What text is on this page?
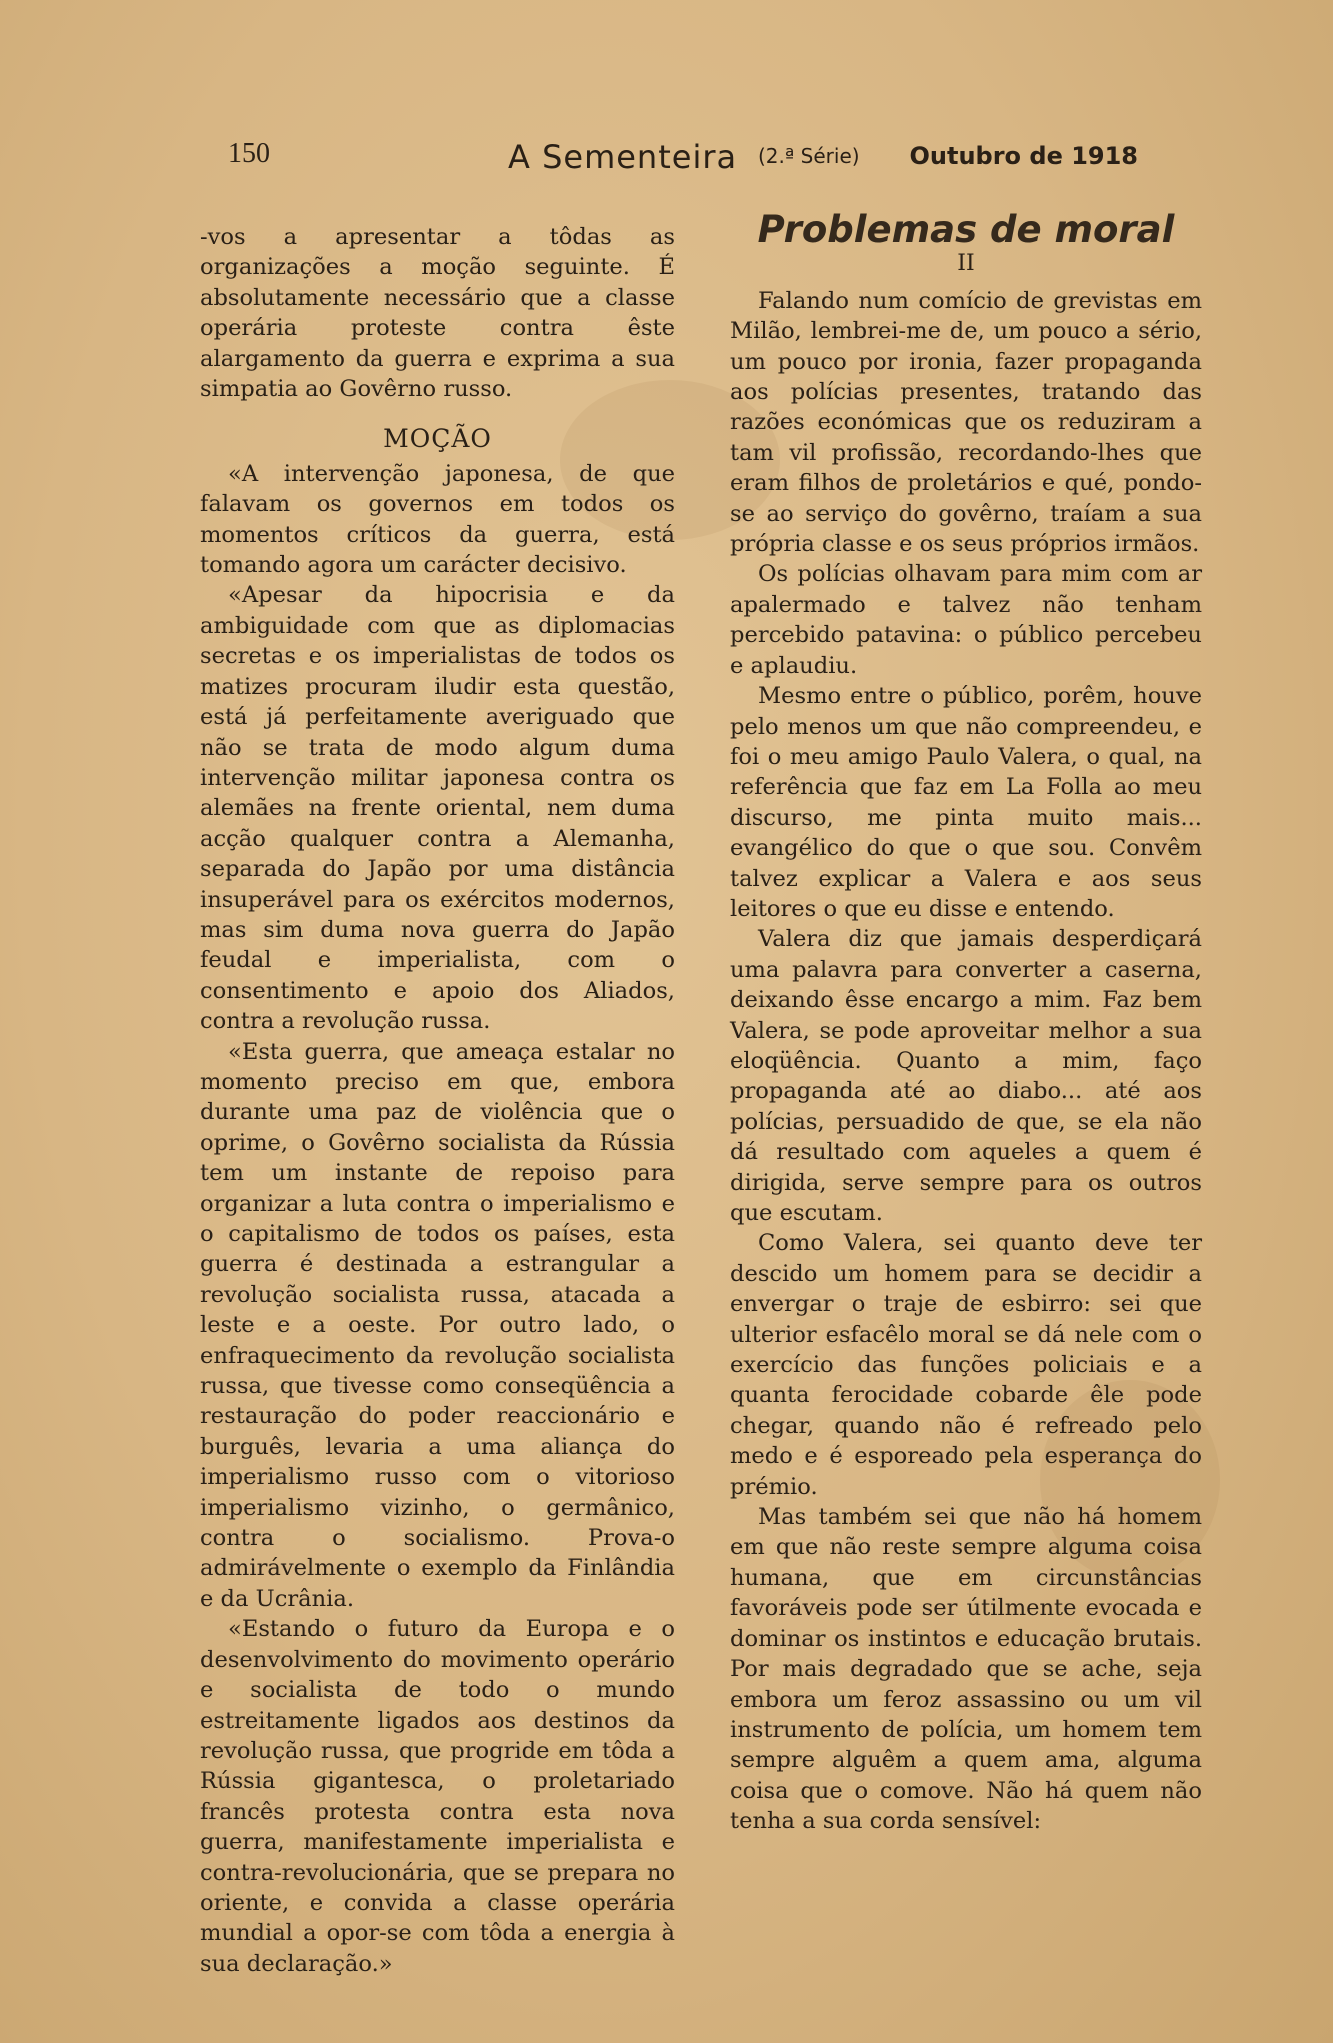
150	A Sementeira (2.ª Série) Outubro de 1918

-vos a apresentar a tôdas as organizações a moção seguinte. É absolutamente necessário que a classe operária proteste contra êste alargamento da guerra e exprima a sua simpatia ao Govêrno russo.

MOÇÃO

«A intervenção japonesa, de que falavam os governos em todos os momentos críticos da guerra, está tomando agora um carácter decisivo.

«Apesar da hipocrisia e da ambiguidade com que as diplomacias secretas e os imperialistas de todos os matizes procuram iludir esta questão, está já perfeitamente averiguado que não se trata de modo algum duma intervenção militar japonesa contra os alemães na frente oriental, nem duma acção qualquer contra a Alemanha, separada do Japão por uma distância insuperável para os exércitos modernos, mas sim duma nova guerra do Japão feudal e imperialista, com o consentimento e apoio dos Aliados, contra a revolução russa.

«Esta guerra, que ameaça estalar no momento preciso em que, embora durante uma paz de violência que o oprime, o Govêrno socialista da Rússia tem um instante de repoiso para organizar a luta contra o imperialismo e o capitalismo de todos os países, esta guerra é destinada a estrangular a revolução socialista russa, atacada a leste e a oeste. Por outro lado, o enfraquecimento da revolução socialista russa, que tivesse como conseqüência a restauração do poder reaccionário e burguês, levaria a uma aliança do imperialismo russo com o vitorioso imperialismo vizinho, o germânico, contra o socialismo. Prova-o admirávelmente o exemplo da Finlândia e da Ucrânia.

«Estando o futuro da Europa e o desenvolvimento do movimento operário e socialista de todo o mundo estreitamente ligados aos destinos da revolução russa, que progride em tôda a Rússia gigantesca, o proletariado francês protesta contra esta nova guerra, manifestamente imperialista e contra-revolucionária, que se prepara no oriente, e convida a classe operária mundial a opor-se com tôda a energia à sua declaração.»

Problemas de moral
II

Falando num comício de grevistas em Milão, lembrei-me de, um pouco a sério, um pouco por ironia, fazer propaganda aos polícias presentes, tratando das razões económicas que os reduziram a tam vil profissão, recordando-lhes que eram filhos de proletários e qué, pondo-se ao serviço do govêrno, traíam a sua própria classe e os seus próprios irmãos.

Os polícias olhavam para mim com ar apalermado e talvez não tenham percebido patavina: o público percebeu e aplaudiu.

Mesmo entre o público, porêm, houve pelo menos um que não compreendeu, e foi o meu amigo Paulo Valera, o qual, na referência que faz em La Folla ao meu discurso, me pinta muito mais... evangélico do que o que sou. Convêm talvez explicar a Valera e aos seus leitores o que eu disse e entendo.

Valera diz que jamais desperdiçará uma palavra para converter a caserna, deixando êsse encargo a mim. Faz bem Valera, se pode aproveitar melhor a sua eloqüência. Quanto a mim, faço propaganda até ao diabo... até aos polícias, persuadido de que, se ela não dá resultado com aqueles a quem é dirigida, serve sempre para os outros que escutam.

Como Valera, sei quanto deve ter descido um homem para se decidir a envergar o traje de esbirro: sei que ulterior esfacêlo moral se dá nele com o exercício das funções policiais e a quanta ferocidade cobarde êle pode chegar, quando não é refreado pelo medo e é esporeado pela esperança do prémio.

Mas também sei que não há homem em que não reste sempre alguma coisa humana, que em circunstâncias favoráveis pode ser útilmente evocada e dominar os instintos e educação brutais. Por mais degradado que se ache, seja embora um feroz assassino ou um vil instrumento de polícia, um homem tem sempre alguêm a quem ama, alguma coisa que o comove. Não há quem não tenha a sua corda sensível:
